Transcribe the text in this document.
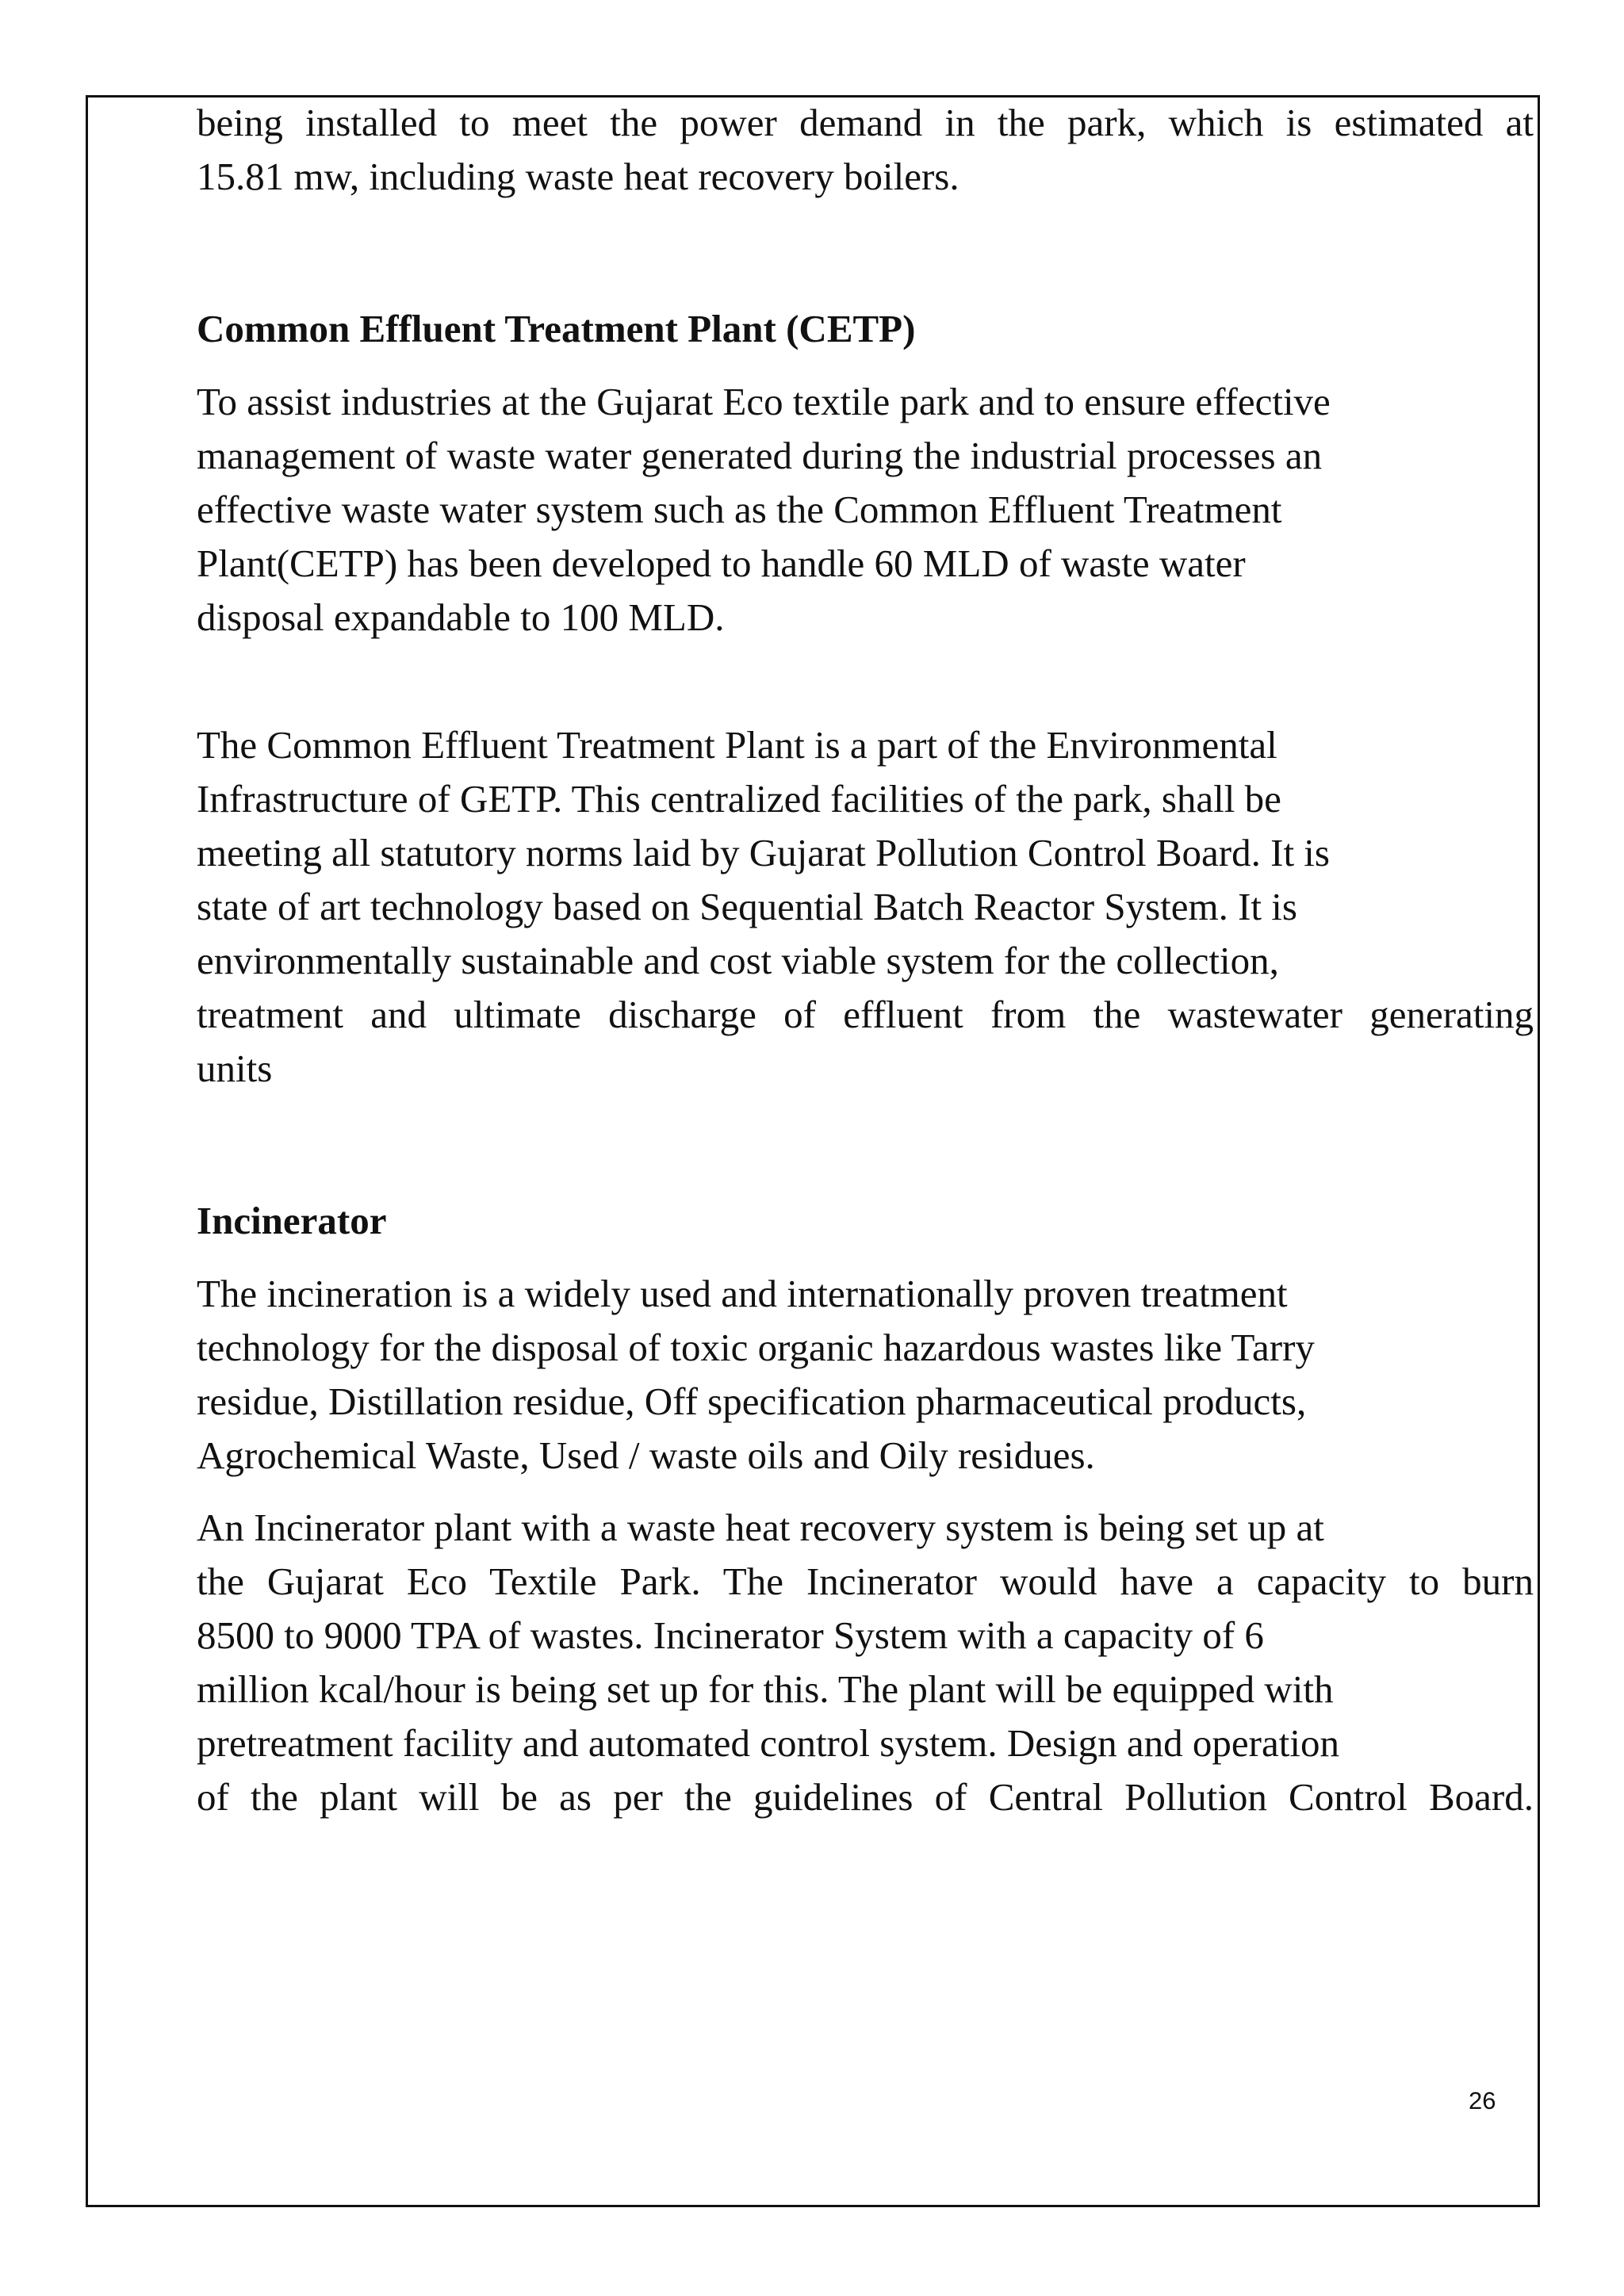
being installed to meet the power demand in the park, which is estimated at

15.81 mw, including waste heat recovery boilers.

Common Effluent Treatment Plant (CETP)

To assist industries at the Gujarat Eco textile park and to ensure effective

management of waste water generated during the industrial processes an

effective waste water system such as the Common Effluent Treatment

Plant(CETP) has been developed to handle 60 MLD of waste water

disposal expandable to 100 MLD.

The Common Effluent Treatment Plant is a part of the Environmental

Infrastructure of GETP. This centralized facilities of the park, shall be

meeting all statutory norms laid by Gujarat Pollution Control Board. It is

state of art technology based on Sequential Batch Reactor System. It is

environmentally sustainable and cost viable system for the collection,

treatment and ultimate discharge of effluent from the wastewater generating

units

Incinerator

The incineration is a widely used and internationally proven treatment

technology for the disposal of toxic organic hazardous wastes like Tarry

residue, Distillation residue, Off specification pharmaceutical products,

Agrochemical Waste, Used / waste oils and Oily residues.

An Incinerator plant with a waste heat recovery system is being set up at

the Gujarat Eco Textile Park. The Incinerator would have a capacity to burn

8500 to 9000 TPA of wastes. Incinerator System with a capacity of 6

million kcal/hour is being set up for this. The plant will be equipped with

pretreatment facility and automated control system. Design and operation

of the plant will be as per the guidelines of Central Pollution Control Board.

26
